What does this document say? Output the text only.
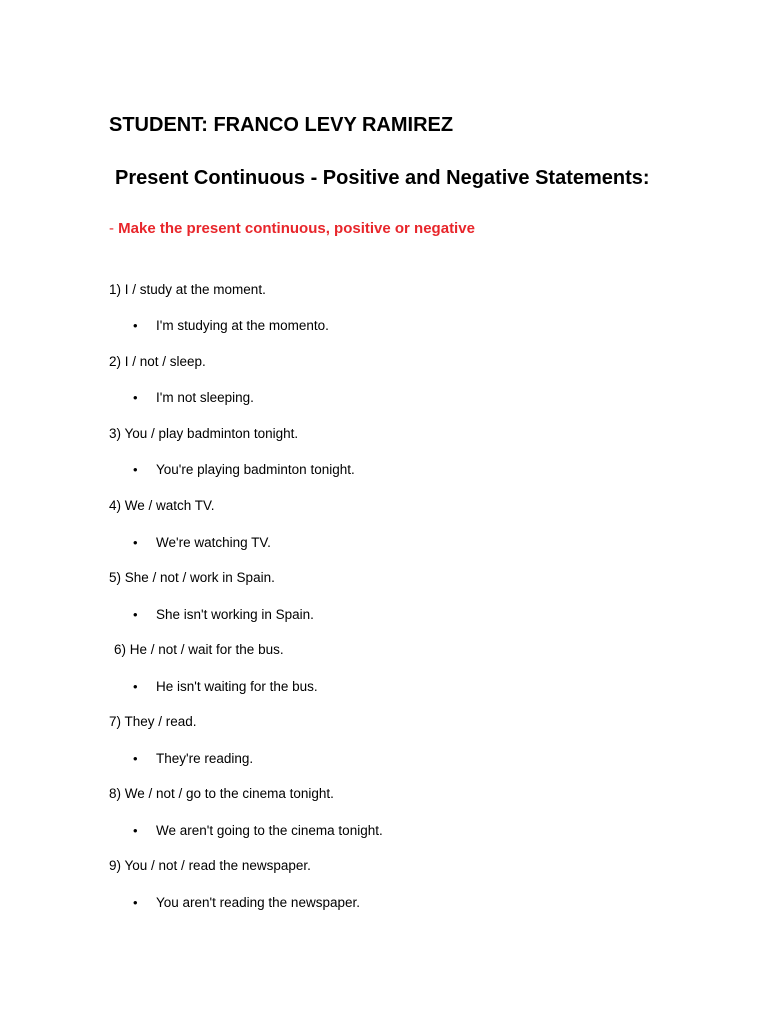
STUDENT: FRANCO LEVY RAMIREZ
Present Continuous - Positive and Negative Statements:
- Make the present continuous, positive or negative
1) I / study at the moment.
• I'm studying at the momento.
2) I / not / sleep.
• I'm not sleeping.
3) You / play badminton tonight.
• You're playing badminton tonight.
4) We / watch TV.
• We're watching TV.
5) She / not / work in Spain.
• She isn't working in Spain.
6) He / not / wait for the bus.
• He isn't waiting for the bus.
7) They / read.
• They're reading.
8) We / not / go to the cinema tonight.
• We aren't going to the cinema tonight.
9) You / not / read the newspaper.
• You aren't reading the newspaper.
